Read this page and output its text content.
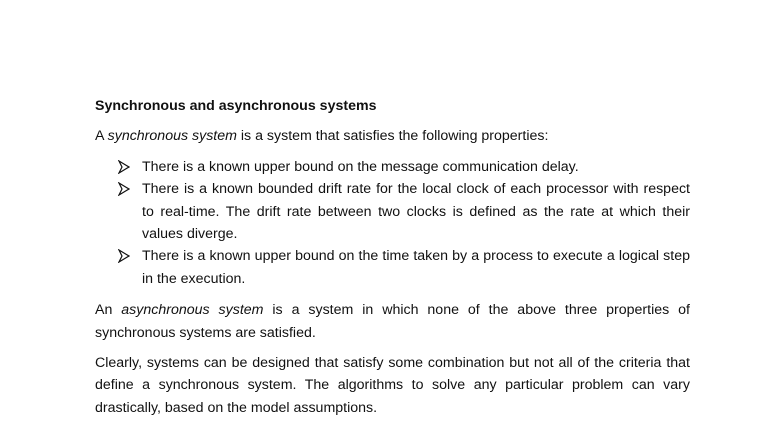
Synchronous and asynchronous systems

A synchronous system is a system that satisfies the following properties:

There is a known upper bound on the message communication delay.
There is a known bounded drift rate for the local clock of each processor with respect to real-time. The drift rate between two clocks is defined as the rate at which their values diverge.
There is a known upper bound on the time taken by a process to execute a logical step in the execution.

An asynchronous system is a system in which none of the above three properties of synchronous systems are satisfied.

Clearly, systems can be designed that satisfy some combination but not all of the criteria that define a synchronous system. The algorithms to solve any particular problem can vary drastically, based on the model assumptions.
